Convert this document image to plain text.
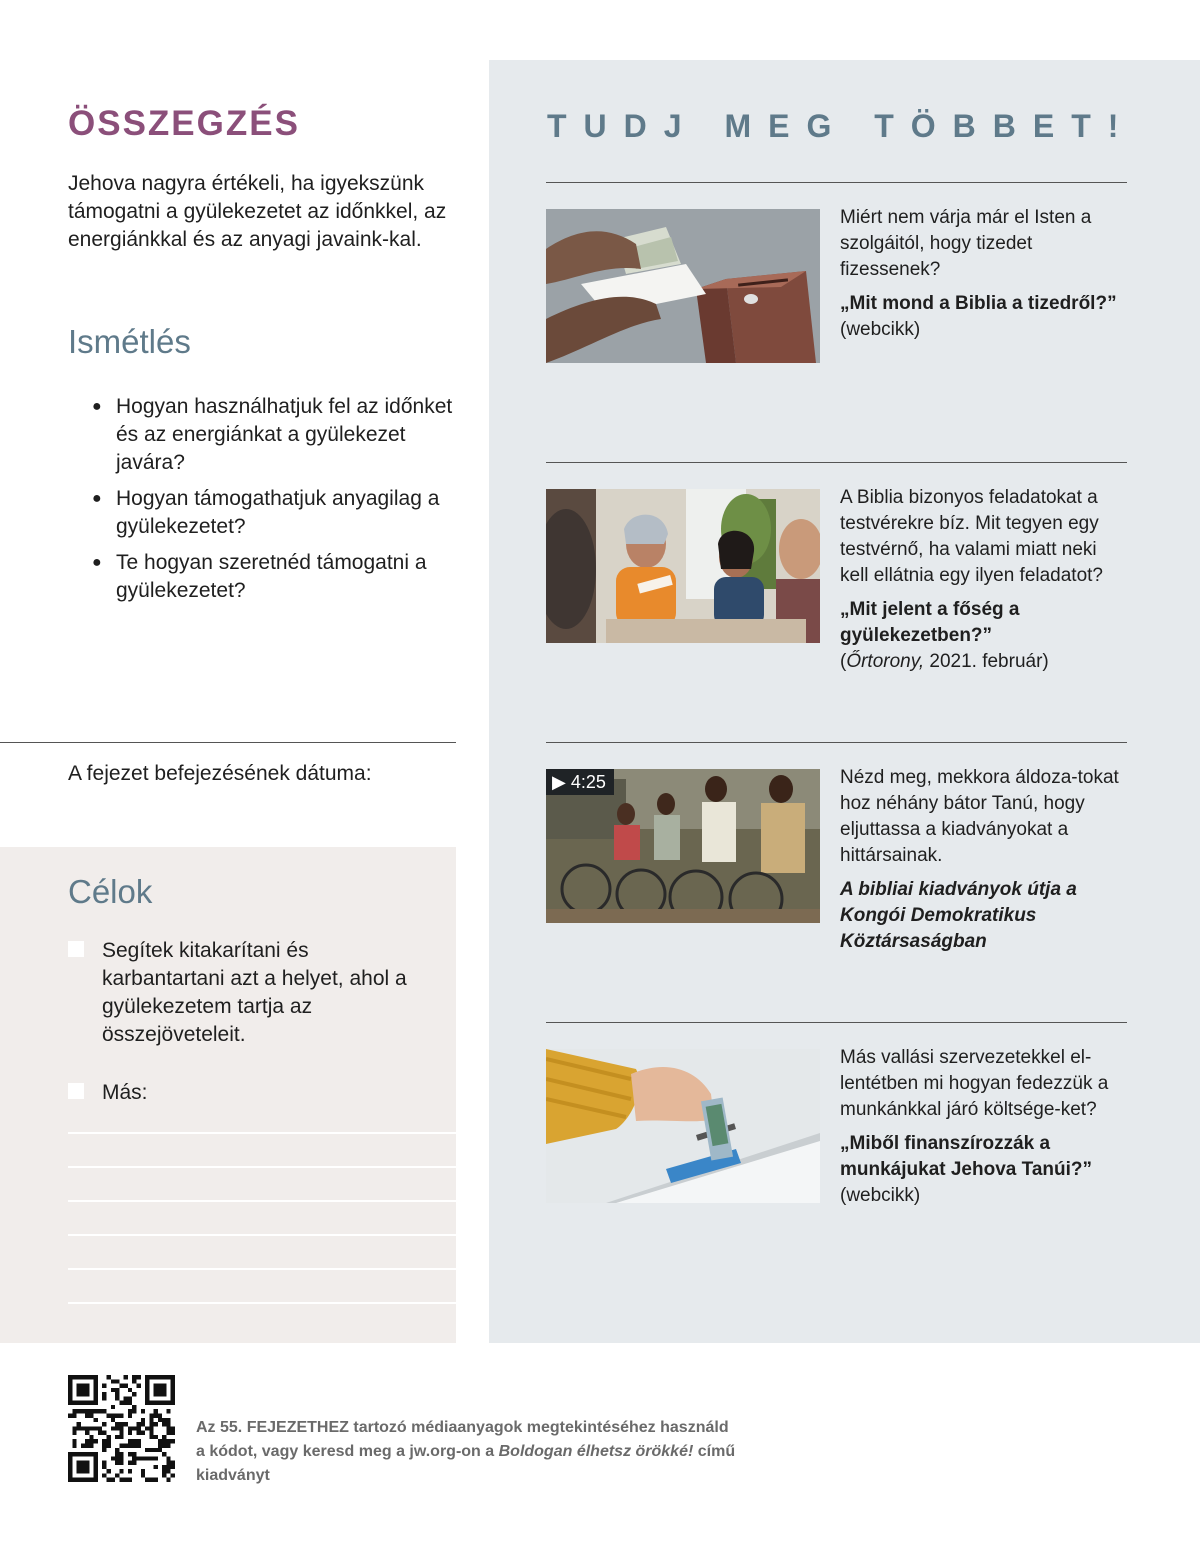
ÖSSZEGZÉS

Jehova nagyra értékeli, ha igyekszünk támogatni a gyülekezetet az időnkkel, az energiánkkal és az anyagi javaink-kal.

Ismétlés
● Hogyan használhatjuk fel az időnket és az energiánkat a gyülekezet javára?
● Hogyan támogathatjuk anyagilag a gyülekezetet?
● Te hogyan szeretnéd támogatni a gyülekezetet?

A fejezet befejezésének dátuma:

Célok
Segítek kitakarítani és karbantartani azt a helyet, ahol a gyülekezetem tartja az összejöveteleit.
Más:
TUDJ MEG TÖBBET!

Miért nem várja már el Isten a szolgáitól, hogy tizedet fizessenek?

„Mit mond a Biblia a tizedről?” (webcikk)

A Biblia bizonyos feladatokat a testvérekre bíz. Mit tegyen egy testvérnő, ha valami miatt neki kell ellátnia egy ilyen feladatot?

„Mit jelent a főség a gyülekezetben?”

(Őrtorony, 2021. február)

▶ 4:25	Nézd meg, mekkora áldoza-tokat hoz néhány bátor Tanú, hogy eljuttassa a kiadványokat a hittársainak.

A bibliai kiadványok útja a Kongói Demokratikus Köztársaságban

Más vallási szervezetekkel el-lentétben mi hogyan fedezzük a munkánkkal járó költsége-ket?

„Miből finanszírozzák a munkájukat Jehova Tanúi?”

(webcikk)

Az 55. FEJEZETHEZ tartozó médiaanyagok megtekintéséhez használd a kódot, vagy keresd meg a jw.org-on a Boldogan élhetsz örökké! című kiadványt
